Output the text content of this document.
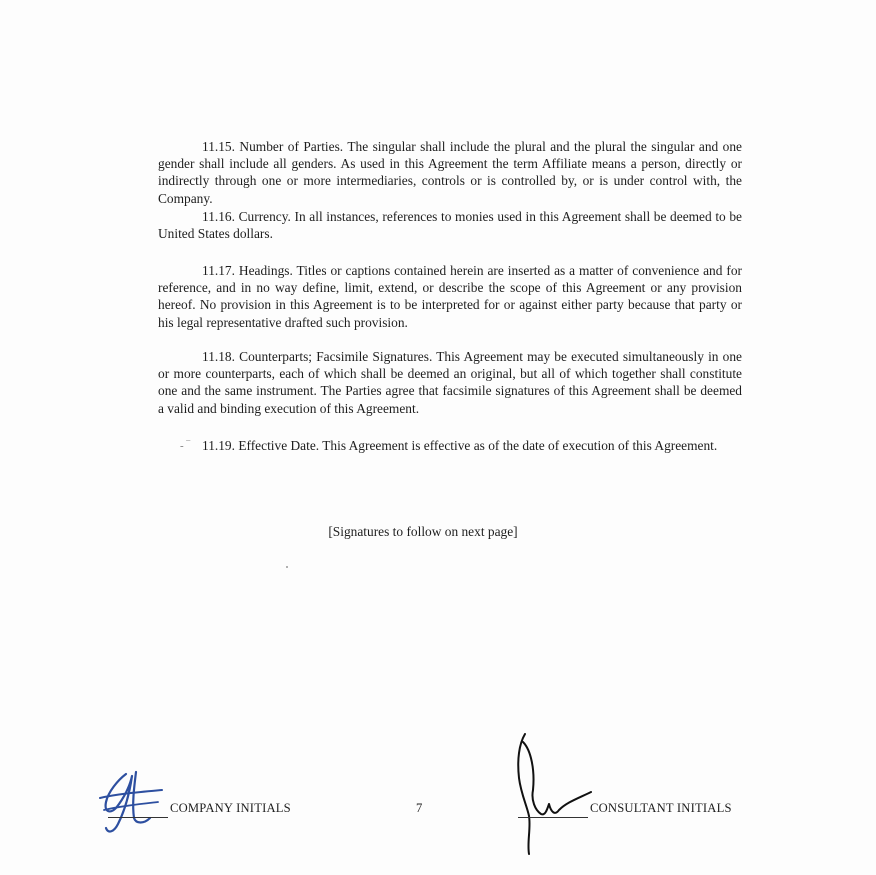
11.15. Number of Parties. The singular shall include the plural and the plural the singular and one gender shall include all genders. As used in this Agreement the term Affiliate means a person, directly or indirectly through one or more intermediaries, controls or is controlled by, or is under control with, the Company.

11.16. Currency. In all instances, references to monies used in this Agreement shall be deemed to be United States dollars.

11.17. Headings. Titles or captions contained herein are inserted as a matter of convenience and for reference, and in no way define, limit, extend, or describe the scope of this Agreement or any provision hereof. No provision in this Agreement is to be interpreted for or against either party because that party or his legal representative drafted such provision.

11.18. Counterparts; Facsimile Signatures. This Agreement may be executed simultaneously in one or more counterparts, each of which shall be deemed an original, but all of which together shall constitute one and the same instrument. The Parties agree that facsimile signatures of this Agreement shall be deemed a valid and binding execution of this Agreement.

11.19. Effective Date. This Agreement is effective as of the date of execution of this Agreement.

- ‾
[Signatures to follow on next page]
COMPANY INITIALS	7	CONSULTANT INITIALS
